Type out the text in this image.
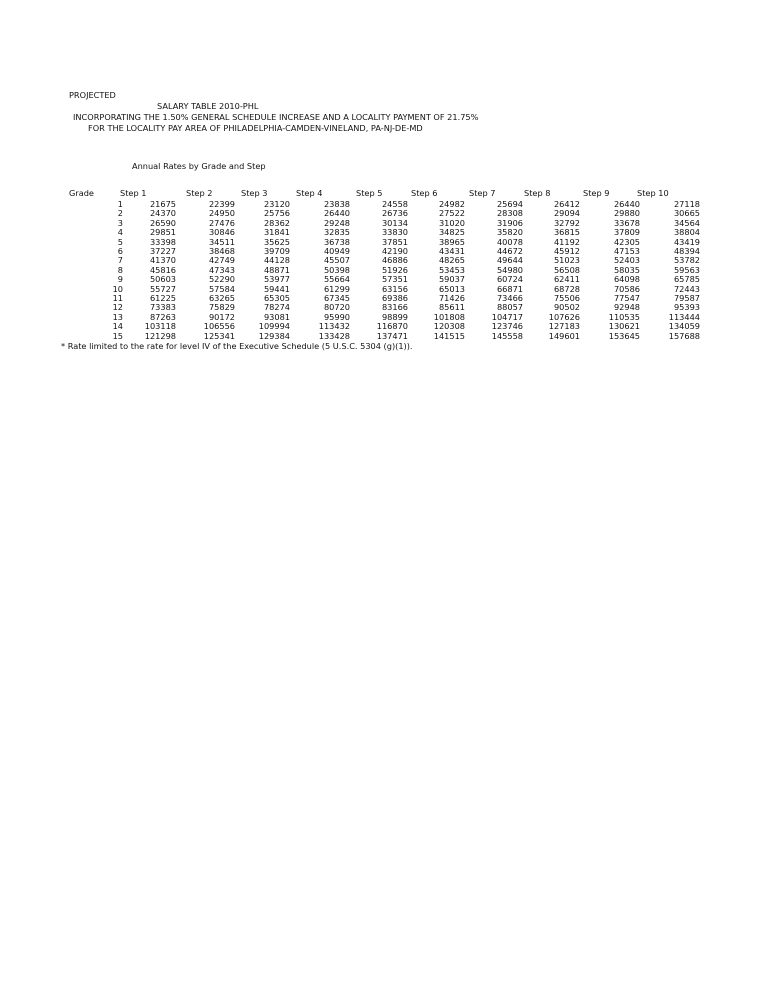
PROJECTED
SALARY TABLE 2010-PHL
INCORPORATING THE 1.50% GENERAL SCHEDULE INCREASE AND A LOCALITY PAYMENT OF 21.75%
FOR THE LOCALITY PAY AREA OF PHILADELPHIA-CAMDEN-VINELAND, PA-NJ-DE-MD
Annual Rates by Grade and Step
Grade	Step 1	Step 2	Step 3	Step 4	Step 5	Step 6	Step 7	Step 8	Step 9	Step 10
1	21675	22399	23120	23838	24558	24982	25694	26412	26440	27118
2	24370	24950	25756	26440	26736	27522	28308	29094	29880	30665
3	26590	27476	28362	29248	30134	31020	31906	32792	33678	34564
4	29851	30846	31841	32835	33830	34825	35820	36815	37809	38804
5	33398	34511	35625	36738	37851	38965	40078	41192	42305	43419
6	37227	38468	39709	40949	42190	43431	44672	45912	47153	48394
7	41370	42749	44128	45507	46886	48265	49644	51023	52403	53782
8	45816	47343	48871	50398	51926	53453	54980	56508	58035	59563
9	50603	52290	53977	55664	57351	59037	60724	62411	64098	65785
10	55727	57584	59441	61299	63156	65013	66871	68728	70586	72443
11	61225	63265	65305	67345	69386	71426	73466	75506	77547	79587
12	73383	75829	78274	80720	83166	85611	88057	90502	92948	95393
13	87263	90172	93081	95990	98899	101808	104717	107626	110535	113444
14	103118	106556	109994	113432	116870	120308	123746	127183	130621	134059
15	121298	125341	129384	133428	137471	141515	145558	149601	153645	157688
* Rate limited to the rate for level IV of the Executive Schedule (5 U.S.C. 5304 (g)(1)).
